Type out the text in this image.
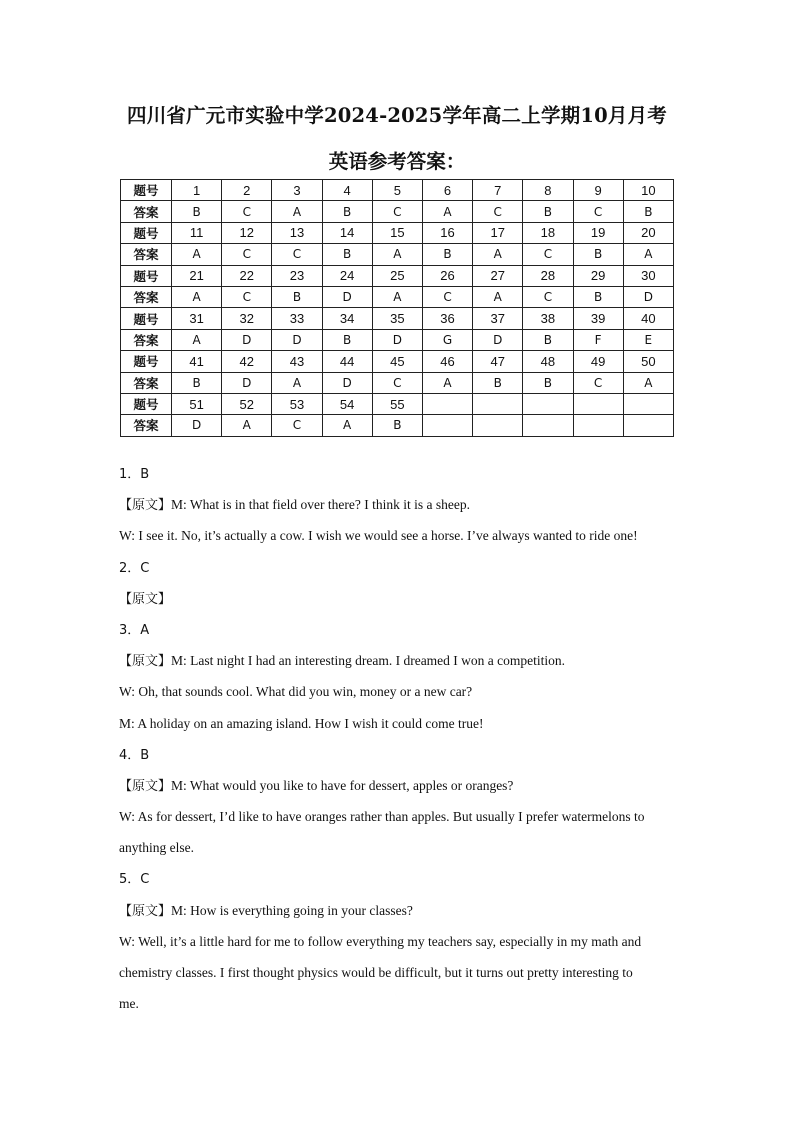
四川省广元市实验中学2024-2025学年高二上学期10月月考
英语参考答案：
题号	1	2	3	4	5	6	7	8	9	10
答案	B	C	A	B	C	A	C	B	C	B
题号	11	12	13	14	15	16	17	18	19	20
答案	A	C	C	B	A	B	A	C	B	A
题号	21	22	23	24	25	26	27	28	29	30
答案	A	C	B	D	A	C	A	C	B	D
题号	31	32	33	34	35	36	37	38	39	40
答案	A	D	D	B	D	G	D	B	F	E
题号	41	42	43	44	45	46	47	48	49	50
答案	B	D	A	D	C	A	B	B	C	A
题号	51	52	53	54	55					
答案	D	A	C	A	B					
1．B
【原文】M: What is in that field over there? I think it is a sheep.
W: I see it. No, it’s actually a cow. I wish we would see a horse. I’ve always wanted to ride one!
2．C
【原文】
3．A
【原文】M: Last night I had an interesting dream. I dreamed I won a competition.
W: Oh, that sounds cool. What did you win, money or a new car?
M: A holiday on an amazing island. How I wish it could come true!
4．B
【原文】M: What would you like to have for dessert, apples or oranges?
W: As for dessert, I’d like to have oranges rather than apples. But usually I prefer watermelons to
anything else.
5．C
【原文】M: How is everything going in your classes?
W: Well, it’s a little hard for me to follow everything my teachers say, especially in my math and
chemistry classes. I first thought physics would be difficult, but it turns out pretty interesting to
me.
